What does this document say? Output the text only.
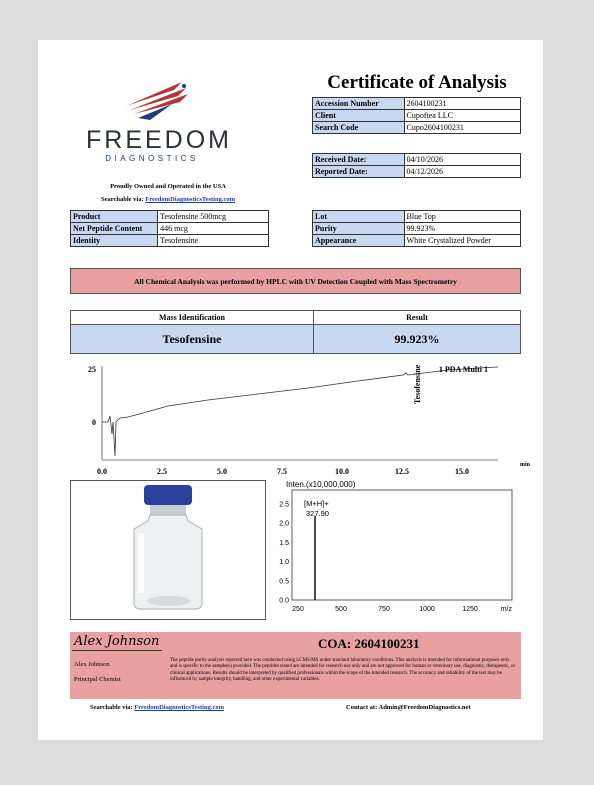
FREEDOM
DIAGNOSTICS
Proudly Owned and Operated in the USA
Searchable via: FreedomDiagnosticsTesting.com
Certificate of Analysis
Accession Number	2604100231
Client	Cupoftea LLC
Search Code	Cupo2604100231
Received Date:	04/10/2026
Reported Date:	04/12/2026
Product	Tesofensine 500mcg
Net Peptide Content	446 mcg
Identity	Tesofensine
Lot	Blue Top
Purity	99.923%
Appearance	White Crystalized Powder
All Chemical Analysis was performed by HPLC with UV Detection Coupled with Mass Spectrometry
Mass Identification	Result
Tesofensine	99.923%
25
0
1 PDA Multi 1
Tesofensine
0.0	2.5	5.0	7.5	10.0	12.5	15.0
min
Inten.(x10,000,000)
2.5
2.0
1.5
1.0
0.5
0.0
250	500	750	1000	1250
[M+H]+
327.90
m/z
Alex Johnson
Alex Johnson
Principal Chemist
COA: 2604100231
The peptide purity analysis reported here was conducted using LCMS/MS under standard laboratory conditions. This analysis is intended for informational purposes only and is specific to the sample(s) provided. The peptides tested are intended for research use only and are not approved for human or veterinary use, diagnostic, therapeutic, or clinical applications. Results should be interpreted by qualified professionals within the scope of the intended research. The accuracy and reliability of the test may be influenced by sample integrity, handling, and other experimental variables.
Searchable via: FreedomDiagnosticsTesting.com	Contact at: Admin@FreedomDiagnostics.net
